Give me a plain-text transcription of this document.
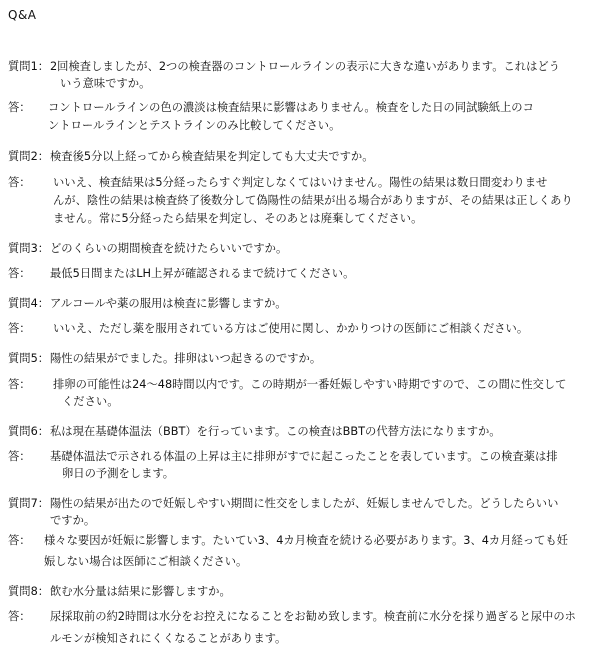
Q&A
質問1： 2回検査しましたが、2つの検査器のコントロールラインの表示に大きな違いがあります。これはどう
いう意味ですか。
答： コントロールラインの色の濃淡は検査結果に影響はありません。検査をした日の同試験紙上のコ
ントロールラインとテストラインのみ比較してください。
質問2： 検査後5分以上経ってから検査結果を判定しても大丈夫ですか。
答： いいえ、検査結果は5分経ったらすぐ判定しなくてはいけません。陽性の結果は数日間変わりませ
んが、陰性の結果は検査終了後数分して偽陽性の結果が出る場合がありますが、その結果は正しくあり
ません。常に5分経ったら結果を判定し、そのあとは廃棄してください。
質問3： どのくらいの期間検査を続けたらいいですか。
答： 最低5日間またはLH上昇が確認されるまで続けてください。
質問4： アルコールや薬の服用は検査に影響しますか。
答： いいえ、ただし薬を服用されている方はご使用に関し、かかりつけの医師にご相談ください。
質問5： 陽性の結果がでました。排卵はいつ起きるのですか。
答： 排卵の可能性は24～48時間以内です。この時期が一番妊娠しやすい時期ですので、この間に性交して
ください。
質問6： 私は現在基礎体温法（BBT）を行っています。この検査はBBTの代替方法になりますか。
答： 基礎体温法で示される体温の上昇は主に排卵がすでに起こったことを表しています。この検査薬は排
卵日の予測をします。
質問7： 陽性の結果が出たので妊娠しやすい期間に性交をしましたが、妊娠しませんでした。どうしたらいい
ですか。
答： 様々な要因が妊娠に影響します。たいてい3、4カ月検査を続ける必要があります。3、4カ月経っても妊
娠しない場合は医師にご相談ください。
質問8： 飲む水分量は結果に影響しますか。
答： 尿採取前の約2時間は水分をお控えになることをお勧め致します。検査前に水分を採り過ぎると尿中のホ
ルモンが検知されにくくなることがあります。
